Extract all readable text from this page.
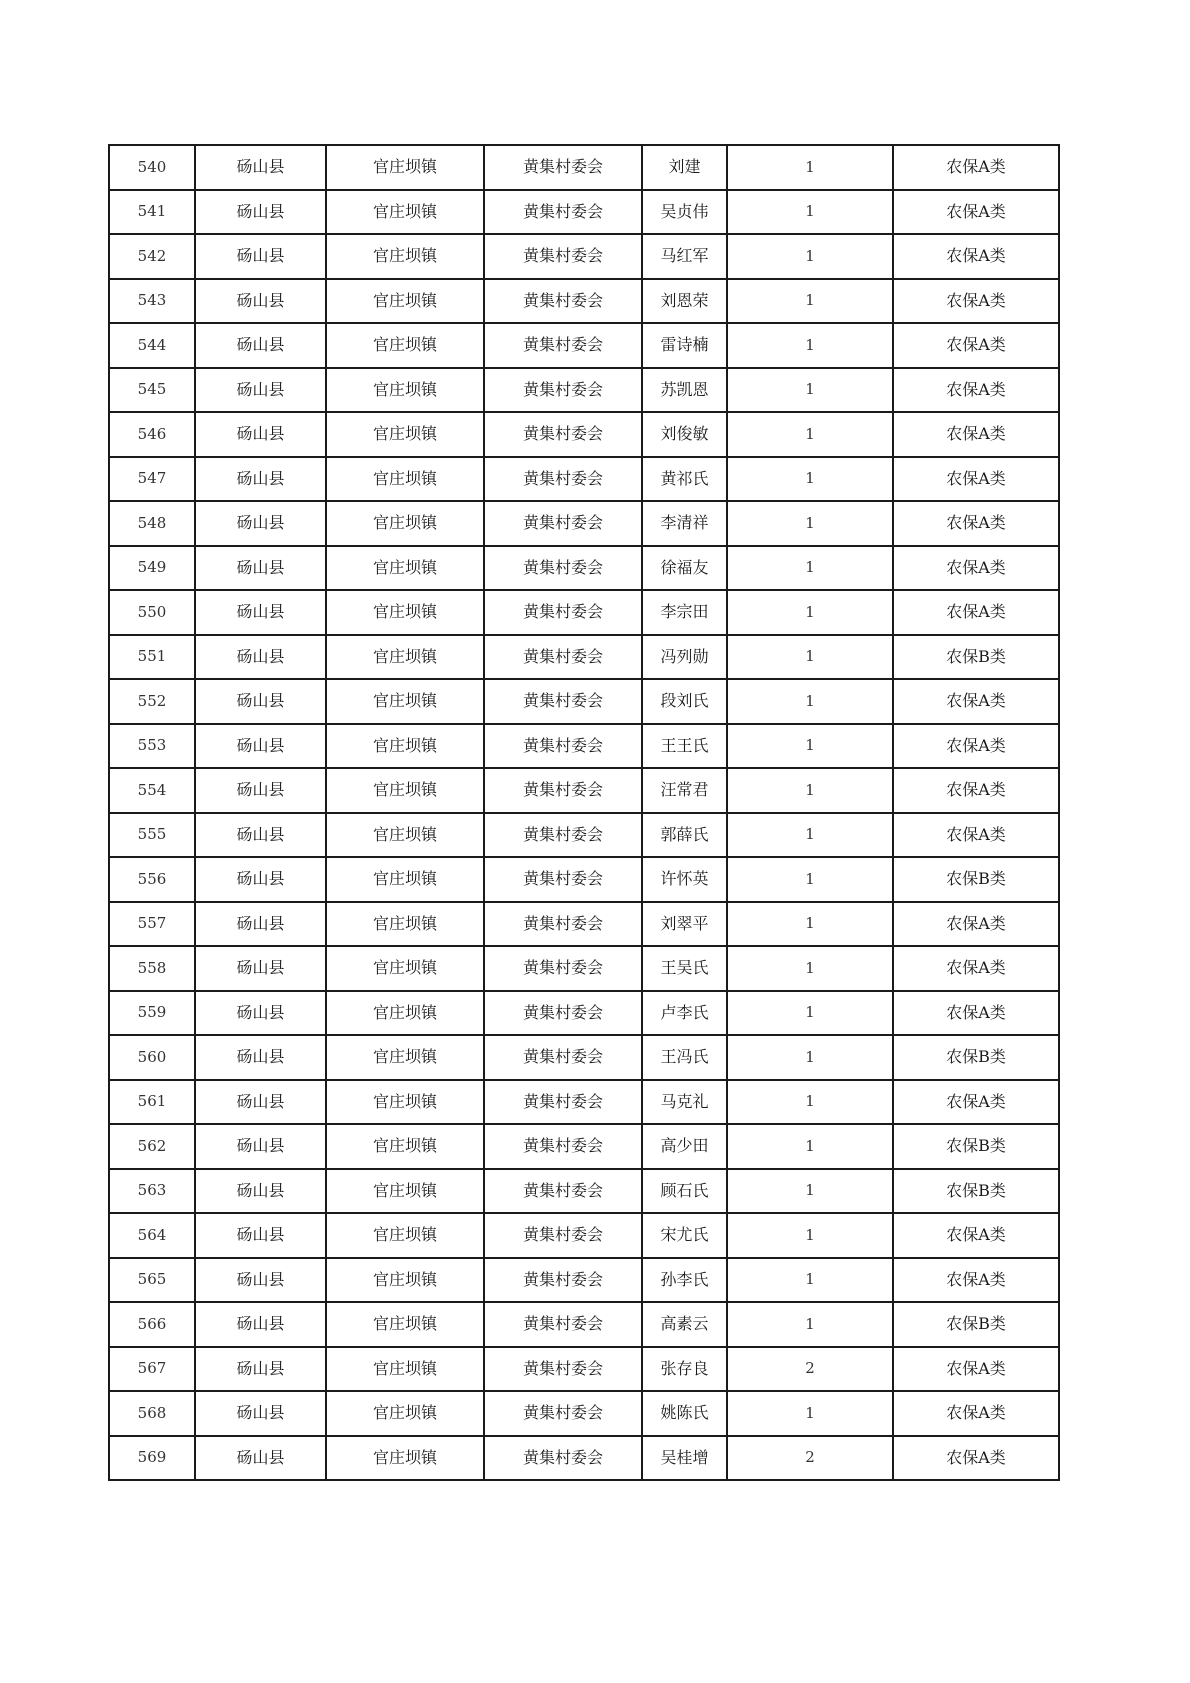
540	砀山县	官庄坝镇	黄集村委会	刘建	1	农保A类
541	砀山县	官庄坝镇	黄集村委会	吴贞伟	1	农保A类
542	砀山县	官庄坝镇	黄集村委会	马红军	1	农保A类
543	砀山县	官庄坝镇	黄集村委会	刘恩荣	1	农保A类
544	砀山县	官庄坝镇	黄集村委会	雷诗楠	1	农保A类
545	砀山县	官庄坝镇	黄集村委会	苏凯恩	1	农保A类
546	砀山县	官庄坝镇	黄集村委会	刘俊敏	1	农保A类
547	砀山县	官庄坝镇	黄集村委会	黄祁氏	1	农保A类
548	砀山县	官庄坝镇	黄集村委会	李清祥	1	农保A类
549	砀山县	官庄坝镇	黄集村委会	徐福友	1	农保A类
550	砀山县	官庄坝镇	黄集村委会	李宗田	1	农保A类
551	砀山县	官庄坝镇	黄集村委会	冯列勋	1	农保B类
552	砀山县	官庄坝镇	黄集村委会	段刘氏	1	农保A类
553	砀山县	官庄坝镇	黄集村委会	王王氏	1	农保A类
554	砀山县	官庄坝镇	黄集村委会	汪常君	1	农保A类
555	砀山县	官庄坝镇	黄集村委会	郭薛氏	1	农保A类
556	砀山县	官庄坝镇	黄集村委会	许怀英	1	农保B类
557	砀山县	官庄坝镇	黄集村委会	刘翠平	1	农保A类
558	砀山县	官庄坝镇	黄集村委会	王吴氏	1	农保A类
559	砀山县	官庄坝镇	黄集村委会	卢李氏	1	农保A类
560	砀山县	官庄坝镇	黄集村委会	王冯氏	1	农保B类
561	砀山县	官庄坝镇	黄集村委会	马克礼	1	农保A类
562	砀山县	官庄坝镇	黄集村委会	高少田	1	农保B类
563	砀山县	官庄坝镇	黄集村委会	顾石氏	1	农保B类
564	砀山县	官庄坝镇	黄集村委会	宋尤氏	1	农保A类
565	砀山县	官庄坝镇	黄集村委会	孙李氏	1	农保A类
566	砀山县	官庄坝镇	黄集村委会	高素云	1	农保B类
567	砀山县	官庄坝镇	黄集村委会	张存良	2	农保A类
568	砀山县	官庄坝镇	黄集村委会	姚陈氏	1	农保A类
569	砀山县	官庄坝镇	黄集村委会	吴桂增	2	农保A类
